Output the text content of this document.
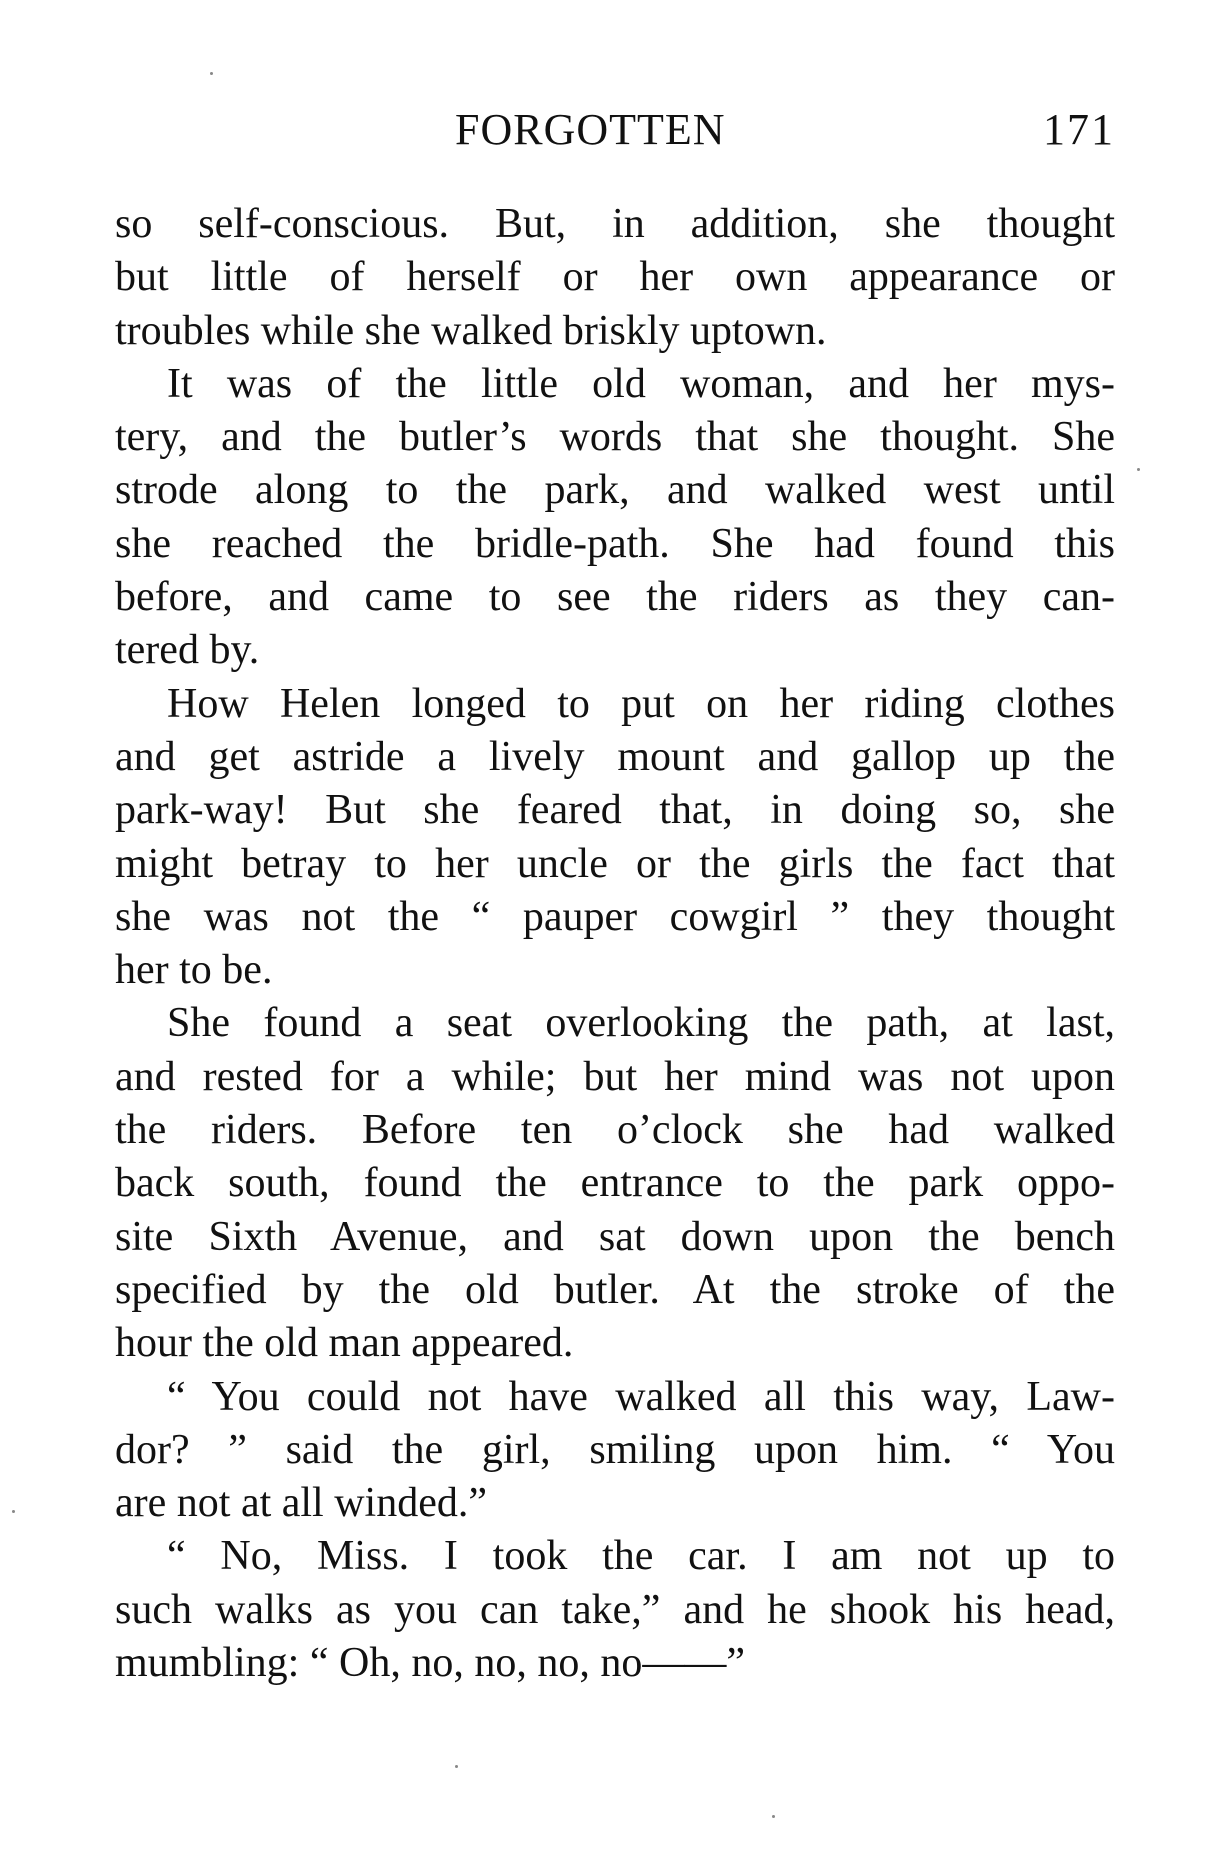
FORGOTTEN	171

so self-conscious. But, in addition, she thought
but little of herself or her own appearance or
troubles while she walked briskly uptown.

It was of the little old woman, and her mys-
tery, and the butler’s words that she thought. She
strode along to the park, and walked west until
she reached the bridle-path. She had found this
before, and came to see the riders as they can-
tered by.

How Helen longed to put on her riding clothes
and get astride a lively mount and gallop up the
park-way! But she feared that, in doing so, she
might betray to her uncle or the girls the fact that
she was not the “ pauper cowgirl ” they thought
her to be.

She found a seat overlooking the path, at last,
and rested for a while; but her mind was not upon
the riders. Before ten o’clock she had walked
back south, found the entrance to the park oppo-
site Sixth Avenue, and sat down upon the bench
specified by the old butler. At the stroke of the
hour the old man appeared.

“ You could not have walked all this way, Law-
dor? ” said the girl, smiling upon him. “ You
are not at all winded.”

“ No, Miss. I took the car. I am not up to
such walks as you can take,” and he shook his head,
mumbling: “ Oh, no, no, no, no——”
